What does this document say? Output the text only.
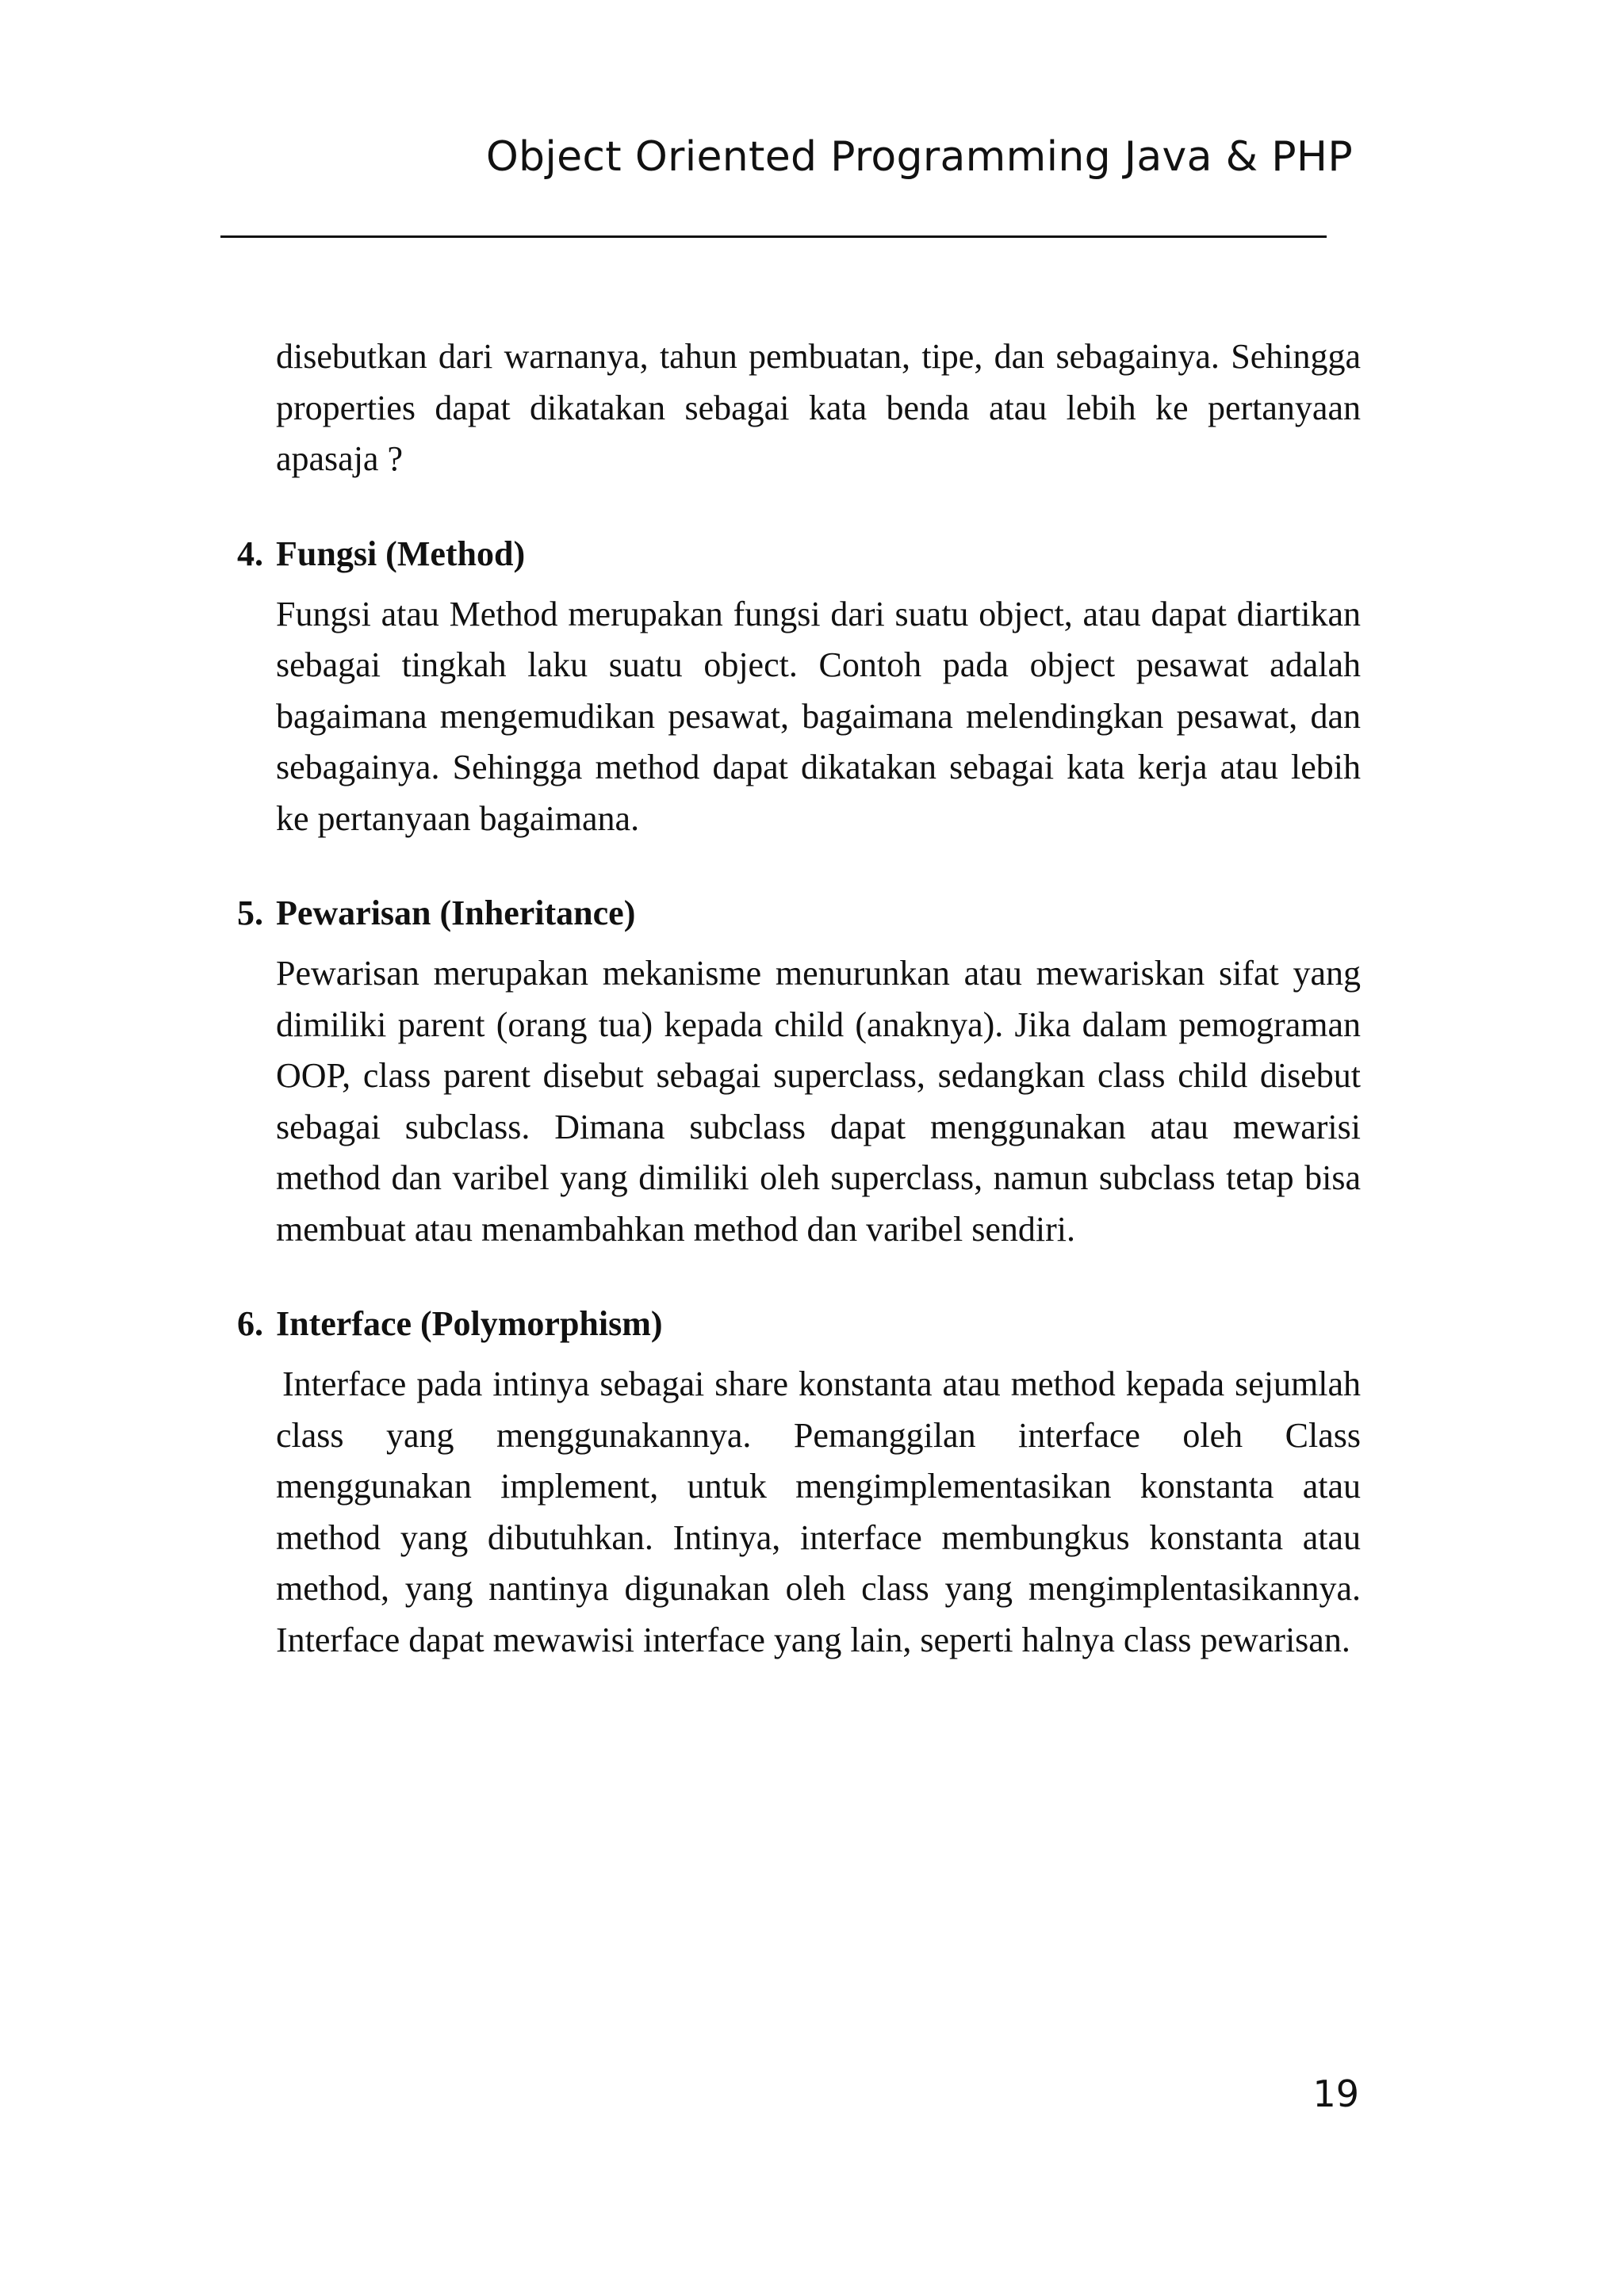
Object Oriented Programming Java & PHP

disebutkan dari warnanya, tahun pembuatan, tipe, dan sebagainya. Sehingga properties dapat dikatakan sebagai kata benda atau lebih ke pertanyaan apasaja ?

4. Fungsi (Method)

Fungsi atau Method merupakan fungsi dari suatu object, atau dapat diartikan sebagai tingkah laku suatu object. Contoh pada object pesawat adalah bagaimana mengemudikan pesawat, bagaimana melendingkan pesawat, dan sebagainya. Sehingga method dapat dikatakan sebagai kata kerja atau lebih ke pertanyaan bagaimana.

5. Pewarisan (Inheritance)

Pewarisan merupakan mekanisme menurunkan atau mewariskan sifat yang dimiliki parent (orang tua) kepada child (anaknya). Jika dalam pemograman OOP, class parent disebut sebagai superclass, sedangkan class child disebut sebagai subclass. Dimana subclass dapat menggunakan atau mewarisi method dan varibel yang dimiliki oleh superclass, namun subclass tetap bisa membuat atau menambahkan method dan varibel sendiri.

6. Interface (Polymorphism)

Interface pada intinya sebagai share konstanta atau method kepada sejumlah class yang menggunakannya. Pemanggilan interface oleh Class menggunakan implement, untuk mengimplementasikan konstanta atau method yang dibutuhkan. Intinya, interface membungkus konstanta atau method, yang nantinya digunakan oleh class yang mengimplentasikannya. Interface dapat mewawisi interface yang lain, seperti halnya class pewarisan.

19
